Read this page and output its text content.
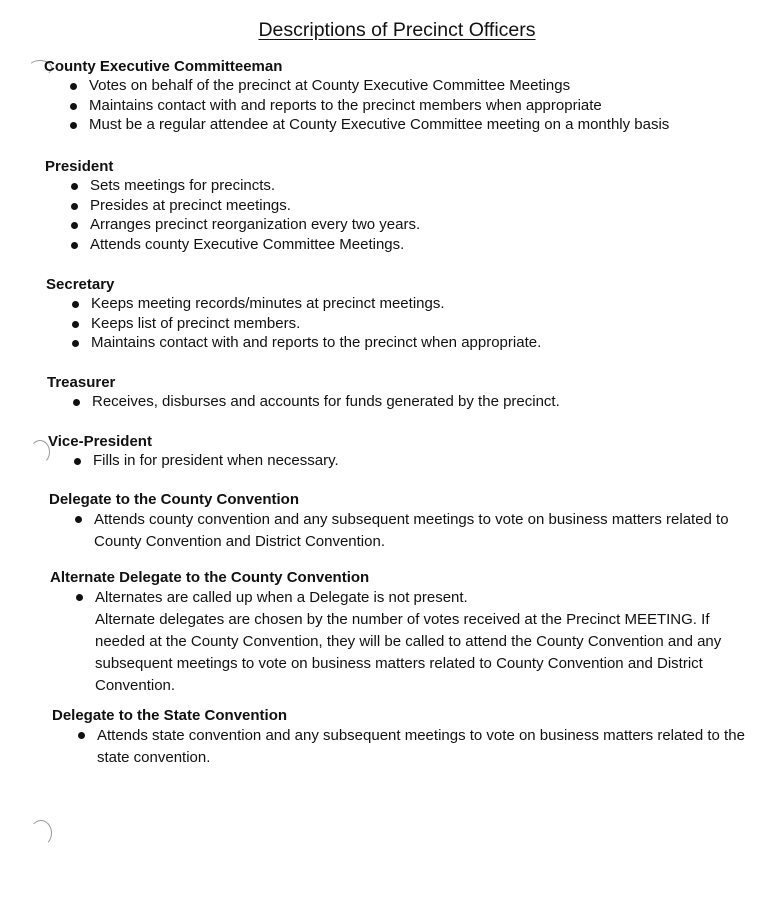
Descriptions of Precinct Officers
County Executive Committeeman
Votes on behalf of the precinct at County Executive Committee Meetings
Maintains contact with and reports to the precinct members when appropriate
Must be a regular attendee at County Executive Committee meeting on a monthly basis
President
Sets meetings for precincts.
Presides at precinct meetings.
Arranges precinct reorganization every two years.
Attends county Executive Committee Meetings.
Secretary
Keeps meeting records/minutes at precinct meetings.
Keeps list of precinct members.
Maintains contact with and reports to the precinct when appropriate.
Treasurer
Receives, disburses and accounts for funds generated by the precinct.
Vice-President
Fills in for president when necessary.
Delegate to the County Convention
Attends county convention and any subsequent meetings to vote on business matters related to County Convention and District Convention.
Alternate Delegate to the County Convention
Alternates are called up when a Delegate is not present.
Alternate delegates are chosen by the number of votes received at the Precinct MEETING. If needed at the County Convention, they will be called to attend the County Convention and any subsequent meetings to vote on business matters related to County Convention and District Convention.
Delegate to the State Convention
Attends state convention and any subsequent meetings to vote on business matters related to the state convention.
